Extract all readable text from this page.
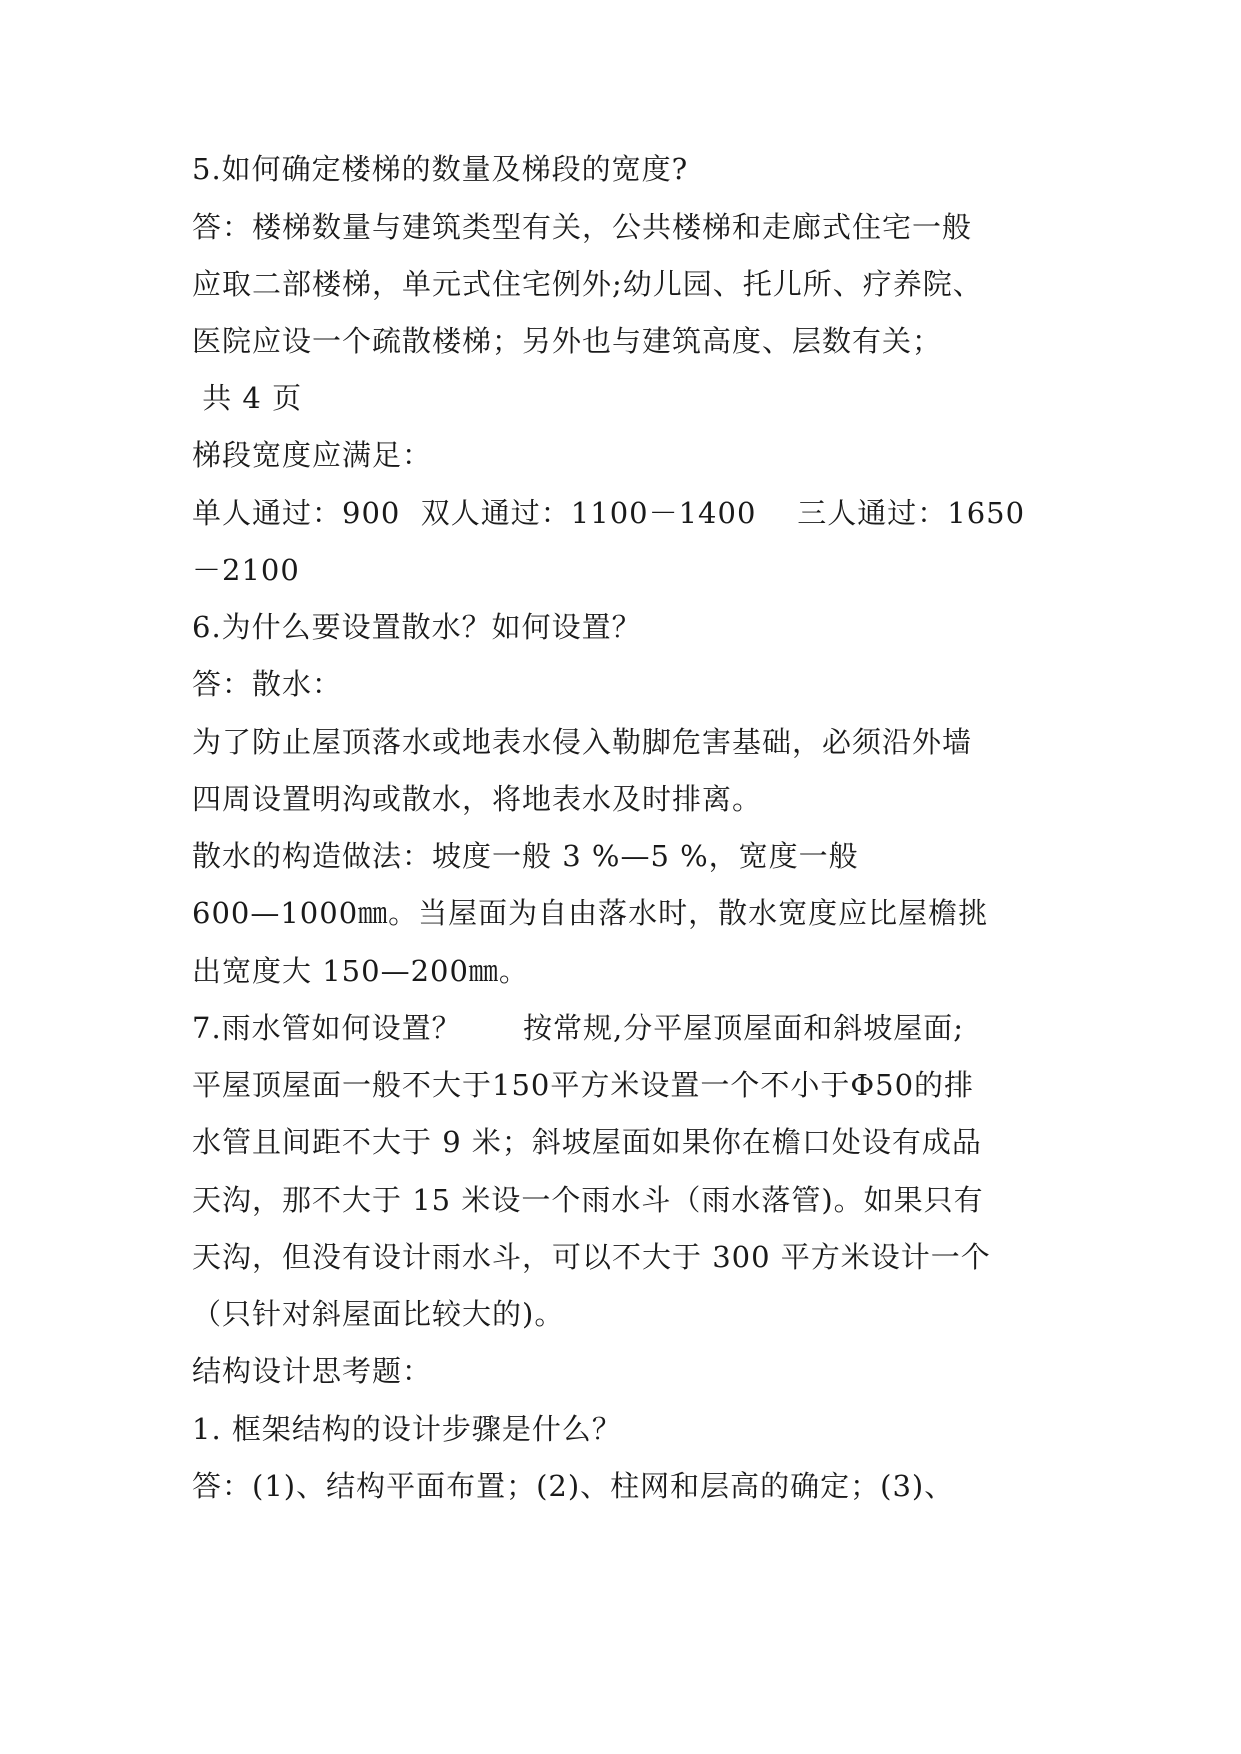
5.如何确定楼梯的数量及梯段的宽度?
答：楼梯数量与建筑类型有关，公共楼梯和走廊式住宅一般
应取二部楼梯，单元式住宅例外;幼儿园、托儿所、疗养院、
医院应设一个疏散楼梯；另外也与建筑高度、层数有关；
共 4 页
梯段宽度应满足：
单人通过：900  双人通过：1100－1400    三人通过：1650
－2100
6.为什么要设置散水？如何设置？
答：散水：
为了防止屋顶落水或地表水侵入勒脚危害基础，必须沿外墙
四周设置明沟或散水，将地表水及时排离。
散水的构造做法：坡度一般 3 %—5 %，宽度一般
600—1000㎜。当屋面为自由落水时，散水宽度应比屋檐挑
出宽度大 150—200㎜。
7.雨水管如何设置？      按常规,分平屋顶屋面和斜坡屋面;
平屋顶屋面一般不大于150平方米设置一个不小于Φ50的排
水管且间距不大于 9 米；斜坡屋面如果你在檐口处设有成品
天沟，那不大于 15 米设一个雨水斗（雨水落管)。如果只有
天沟，但没有设计雨水斗，可以不大于 300 平方米设计一个
（只针对斜屋面比较大的)。
结构设计思考题：
1. 框架结构的设计步骤是什么？
答：(1)、结构平面布置；(2)、柱网和层高的确定；(3)、
